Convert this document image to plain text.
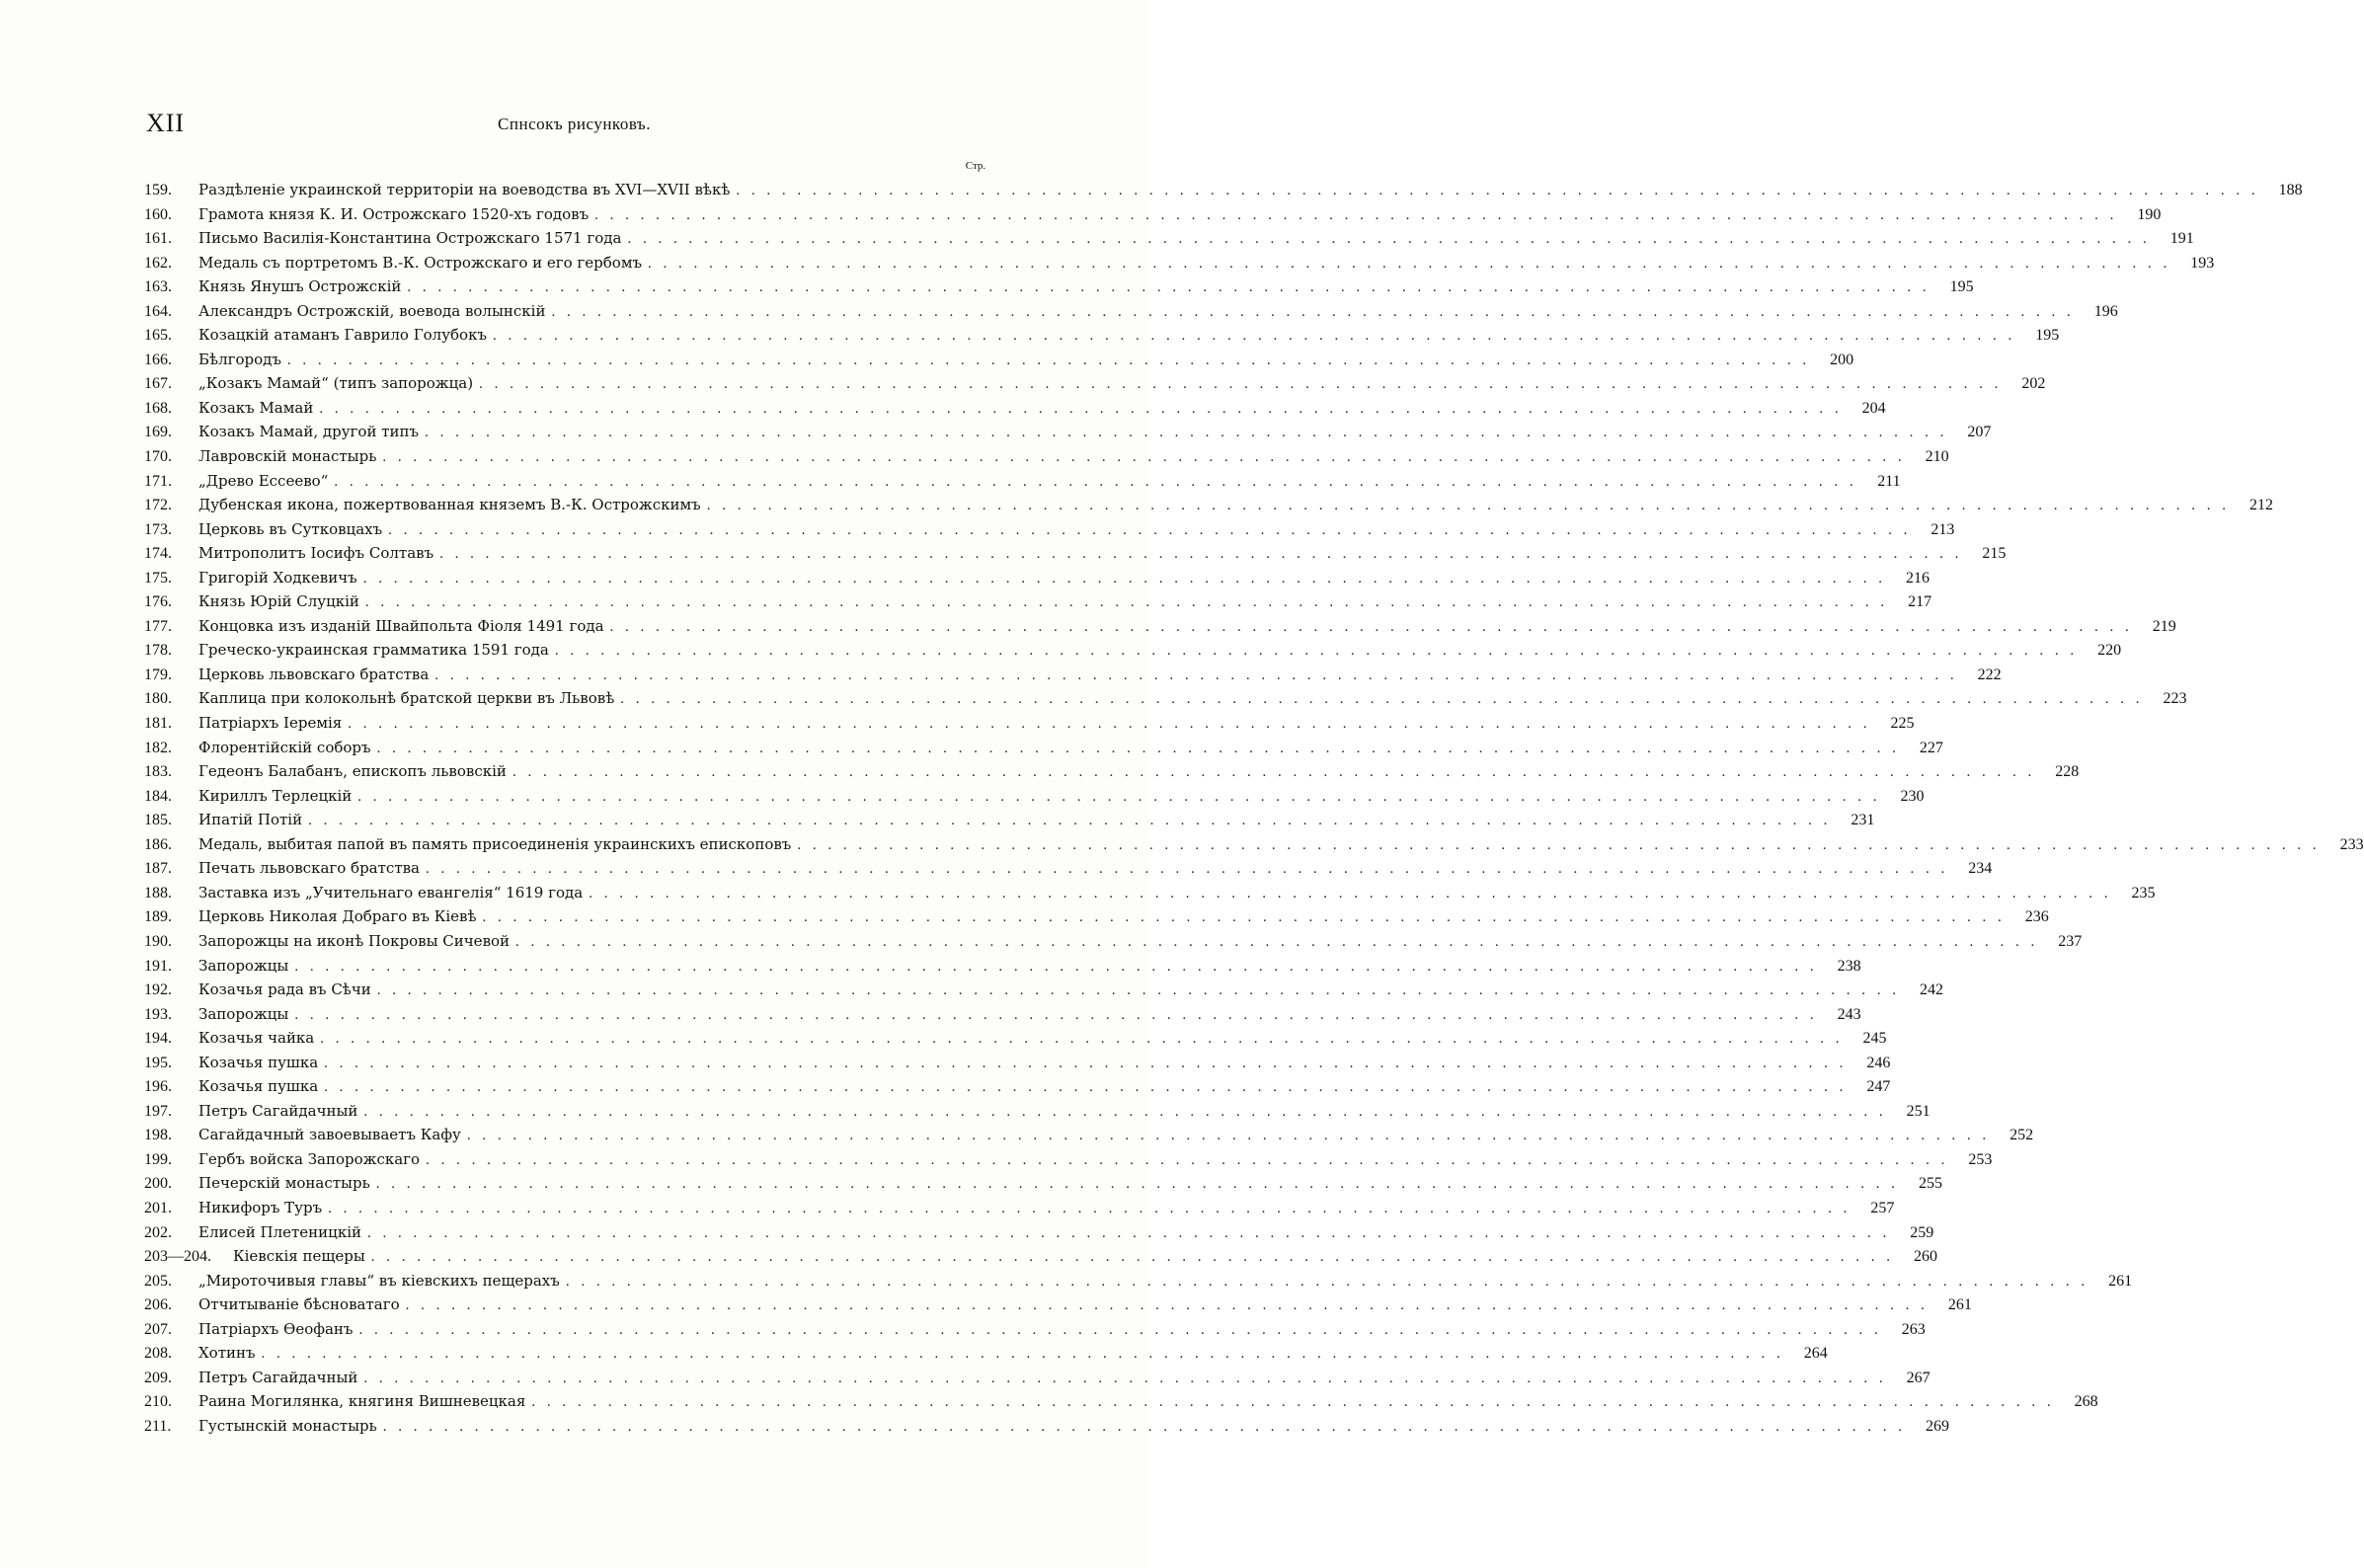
XII	Спнсокъ рисунковъ.
Стр.
159.	Раздѣленіе украинской территоріи на воеводства въ XVI—XVII вѣкѣ . . .	188
160.	Грамота князя К. И. Острожскаго 1520-хъ годовъ . . .	190
161.	Письмо Василія-Константина Острожскаго 1571 года . . .	191
162.	Медаль съ портретомъ В.-К. Острожскаго и его гербомъ . . .	193
163.	Князь Янушъ Острожскій . . .	195
164.	Александръ Острожскій, воевода волынскій . . .	196
165.	Козацкій атаманъ Гаврило Голубокъ . . .	195
166.	Бѣлгородъ . . .	200
167.	„Козакъ Мамай“ (типъ запорожца) . . .	202
168.	Козакъ Мамай . . .	204
169.	Козакъ Мамай, другой типъ . . .	207
170.	Лавровскій монастырь . . .	210
171.	„Древо Ессеево“ . . .	211
172.	Дубенская икона, пожертвованная княземъ В.-К. Острожскимъ . . .	212
173.	Церковь въ Сутковцахъ . . .	213
174.	Митрополитъ Іосифъ Солтавъ . . .	215
175.	Григорій Ходкевичъ . . .	216
176.	Князь Юрій Слуцкій . . .	217
177.	Концовка изъ изданій Швайпольта Фіоля 1491 года . . .	219
178.	Греческо-украинская грамматика 1591 года . . .	220
179.	Церковь львовскаго братства . . .	222
180.	Каплица при колокольнѣ братской церкви въ Львовѣ . . .	223
181.	Патріархъ Іеремія . . .	225
182.	Флорентійскій соборъ . . .	227
183.	Гедеонъ Балабанъ, епископъ львовскій . . .	228
184.	Кириллъ Терлецкій . . .	230
185.	Ипатій Потій . . .	231
186.	Медаль, выбитая папой въ память присоединенія украинскихъ епископовъ . . .	233
187.	Печать львовскаго братства . . .	234
188.	Заставка изъ „Учительнаго евангелія“ 1619 года . . .	235
189.	Церковь Николая Добраго въ Кіевѣ . . .	236
190.	Запорожцы на иконѣ Покровы Сичевой . . .	237
191.	Запорожцы . . .	238
192.	Козачья рада въ Сѣчи . . .	242
193.	Запорожцы . . .	243
194.	Козачья чайка . . .	245
195.	Козачья пушка . . .	246
196.	Козачья пушка . . .	247
197.	Петръ Сагайдачный . . .	251
198.	Сагайдачный завоевываетъ Кафу . . .	252
199.	Гербъ войска Запорожскаго . . .	253
200.	Печерскій монастырь . . .	255
201.	Никифоръ Туръ . . .	257
202.	Елисей Плетеницкій . . .	259
203—204.	Кіевскія пещеры . . .	260
205.	„Мироточивыя главы“ въ кіевскихъ пещерахъ . . .	261
206.	Отчитываніе бѣсноватаго . . .	261
207.	Патріархъ Ѳеофанъ . . .	263
208.	Хотинъ . . .	264
209.	Петръ Сагайдачный . . .	267
210.	Раина Могилянка, княгиня Вишневецкая . . .	268
211.	Густынскій монастырь . . .	269
